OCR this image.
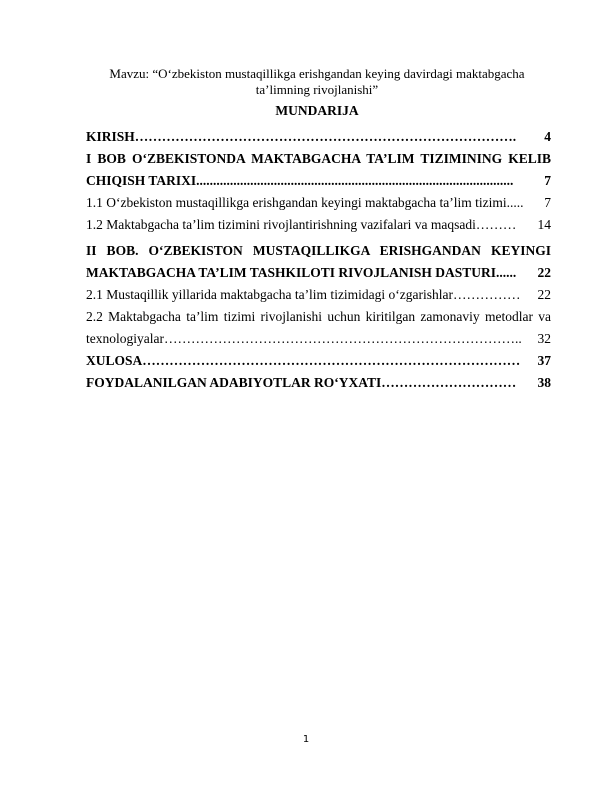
Mavzu: “O‘zbekiston mustaqillikga erishgandan keying davirdagi maktabgacha
ta’limning rivojlanishi”
MUNDARIJA
KIRISH………………………………………………………………………….	4
I BOB O‘ZBEKISTONDA MAKTABGACHA TA’LIM TIZIMINING KELIB
CHIQISH TARIXI..............................................................................................	7
1.1 O‘zbekiston mustaqillikga erishgandan keyingi maktabgacha ta’lim tizimi.....	7
1.2 Maktabgacha ta’lim tizimini rivojlantirishning vazifalari va maqsadi………	14
II BOB. O‘ZBEKISTON MUSTAQILLIKGA ERISHGANDAN KEYINGI
MAKTABGACHA TA’LIM TASHKILOTI RIVOJLANISH DASTURI......	22
2.1 Mustaqillik yillarida maktabgacha ta’lim tizimidagi o‘zgarishlar……………	22
2.2 Maktabgacha ta’lim tizimi rivojlanishi uchun kiritilgan zamonaviy metodlar va
texnologiyalar……………………………………………………………………..	32
XULOSA…………………………………………………………………………	37
FOYDALANILGAN ADABIYOTLAR RO‘YXATI…………………………	38
1
